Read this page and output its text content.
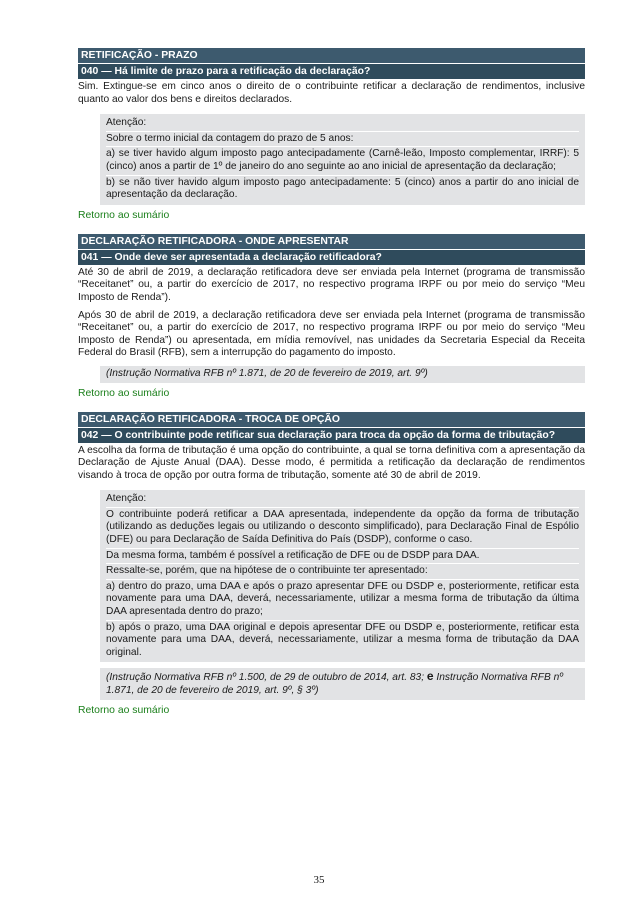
RETIFICAÇÃO - PRAZO
040 — Há limite de prazo para a retificação da declaração?

Sim. Extingue-se em cinco anos o direito de o contribuinte retificar a declaração de rendimentos, inclusive quanto ao valor dos bens e direitos declarados.

Atenção:
Sobre o termo inicial da contagem do prazo de 5 anos:
a) se tiver havido algum imposto pago antecipadamente (Carnê-leão, Imposto complementar, IRRF): 5 (cinco) anos a partir de 1º de janeiro do ano seguinte ao ano inicial de apresentação da declaração;
b) se não tiver havido algum imposto pago antecipadamente: 5 (cinco) anos a partir do ano inicial de apresentação da declaração.
Retorno ao sumário
DECLARAÇÃO RETIFICADORA - ONDE APRESENTAR
041 — Onde deve ser apresentada a declaração retificadora?

Até 30 de abril de 2019, a declaração retificadora deve ser enviada pela Internet (programa de transmissão “Receitanet” ou, a partir do exercício de 2017, no respectivo programa IRPF ou por meio do serviço “Meu Imposto de Renda”).

Após 30 de abril de 2019, a declaração retificadora deve ser enviada pela Internet (programa de transmissão “Receitanet” ou, a partir do exercício de 2017, no respectivo programa IRPF ou por meio do serviço “Meu Imposto de Renda”) ou apresentada, em mídia removível, nas unidades da Secretaria Especial da Receita Federal do Brasil (RFB), sem a interrupção do pagamento do imposto.

(Instrução Normativa RFB nº 1.871, de 20 de fevereiro de 2019, art. 9º)
Retorno ao sumário
DECLARAÇÃO RETIFICADORA - TROCA DE OPÇÃO
042 — O contribuinte pode retificar sua declaração para troca da opção da forma de tributação?

A escolha da forma de tributação é uma opção do contribuinte, a qual se torna definitiva com a apresentação da Declaração de Ajuste Anual (DAA). Desse modo, é permitida a retificação da declaração de rendimentos visando à troca de opção por outra forma de tributação, somente até 30 de abril de 2019.

Atenção:
O contribuinte poderá retificar a DAA apresentada, independente da opção da forma de tributação (utilizando as deduções legais ou utilizando o desconto simplificado), para Declaração Final de Espólio (DFE) ou para Declaração de Saída Definitiva do País (DSDP), conforme o caso.
Da mesma forma, também é possível a retificação de DFE ou de DSDP para DAA.
Ressalte-se, porém, que na hipótese de o contribuinte ter apresentado:
a) dentro do prazo, uma DAA e após o prazo apresentar DFE ou DSDP e, posteriormente, retificar esta novamente para uma DAA, deverá, necessariamente, utilizar a mesma forma de tributação da última DAA apresentada dentro do prazo;
b) após o prazo, uma DAA original e depois apresentar DFE ou DSDP e, posteriormente, retificar esta novamente para uma DAA, deverá, necessariamente, utilizar a mesma forma de tributação da DAA original.
(Instrução Normativa RFB nº 1.500, de 29 de outubro de 2014, art. 83; e Instrução Normativa RFB nº 1.871, de 20 de fevereiro de 2019, art. 9º, § 3º)
Retorno ao sumário
35
